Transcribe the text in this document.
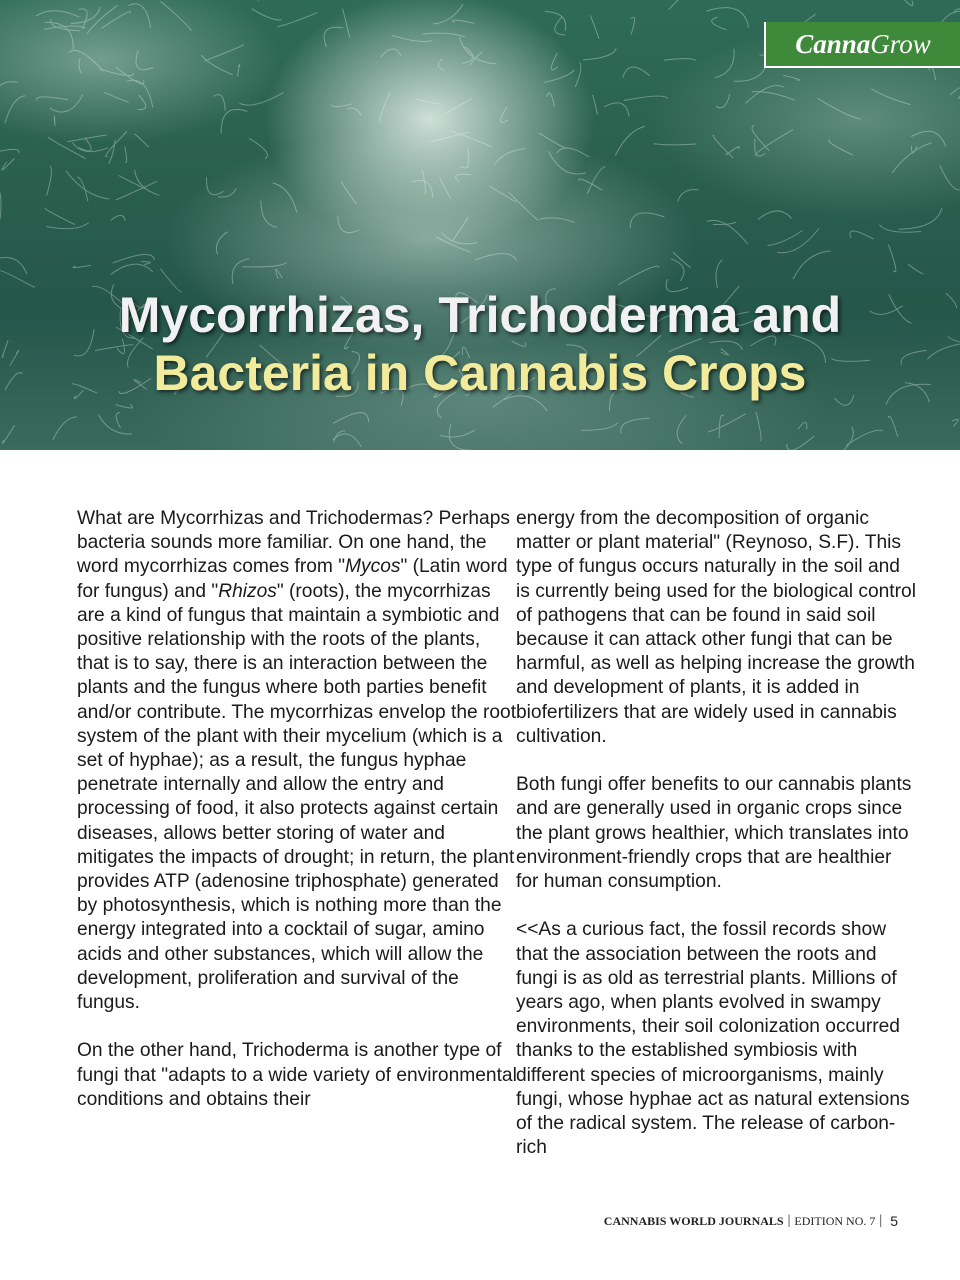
Canna Grow
Mycorrhizas, Trichoderma and
Bacteria in Cannabis Crops

What are Mycorrhizas and Trichodermas? Perhaps bacteria sounds more familiar. On one hand, the word mycorrhizas comes from "Mycos" (Latin word for fungus) and "Rhizos" (roots), the mycorrhizas are a kind of fungus that maintain a symbiotic and positive relationship with the roots of the plants, that is to say, there is an interaction between the plants and the fungus where both parties benefit and/or contribute. The mycorrhizas envelop the root system of the plant with their mycelium (which is a set of hyphae); as a result, the fungus hyphae penetrate internally and allow the entry and processing of food, it also protects against certain diseases, allows better storing of water and mitigates the impacts of drought; in return, the plant provides ATP (adenosine triphosphate) generated by photosynthesis, which is nothing more than the energy integrated into a cocktail of sugar, amino acids and other substances, which will allow the development, proliferation and survival of the fungus.

On the other hand, Trichoderma is another type of fungi that "adapts to a wide variety of environmental conditions and obtains their

energy from the decomposition of organic matter or plant material" (Reynoso, S.F). This type of fungus occurs naturally in the soil and is currently being used for the biological control of pathogens that can be found in said soil because it can attack other fungi that can be harmful, as well as helping increase the growth and development of plants, it is added in biofertilizers that are widely used in cannabis cultivation.

Both fungi offer benefits to our cannabis plants and are generally used in organic crops since the plant grows healthier, which translates into environment-friendly crops that are healthier for human consumption.

<<As a curious fact, the fossil records show that the association between the roots and fungi is as old as terrestrial plants. Millions of years ago, when plants evolved in swampy environments, their soil colonization occurred thanks to the established symbiosis with different species of microorganisms, mainly fungi, whose hyphae act as natural extensions of the radical system. The release of carbon-rich

CANNABIS WORLD JOURNALS | EDITION NO. 7 | 5
